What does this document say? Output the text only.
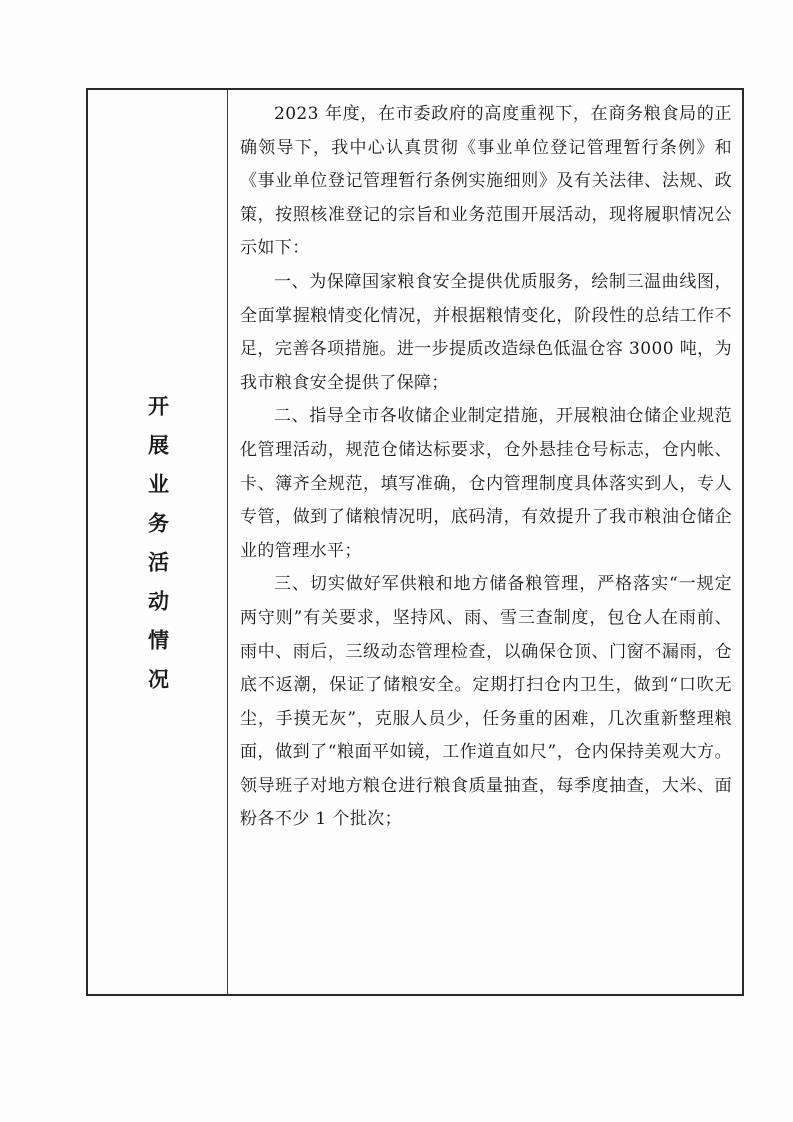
开展业务活动情况

2023 年度，在市委政府的高度重视下，在商务粮食局的正确领导下，我中心认真贯彻《事业单位登记管理暂行条例》和《事业单位登记管理暂行条例实施细则》及有关法律、法规、政策，按照核准登记的宗旨和业务范围开展活动，现将履职情况公示如下：

一、为保障国家粮食安全提供优质服务，绘制三温曲线图，全面掌握粮情变化情况，并根据粮情变化，阶段性的总结工作不足，完善各项措施。进一步提质改造绿色低温仓容 3000 吨，为我市粮食安全提供了保障；

二、指导全市各收储企业制定措施，开展粮油仓储企业规范化管理活动，规范仓储达标要求，仓外悬挂仓号标志，仓内帐、卡、簿齐全规范，填写准确，仓内管理制度具体落实到人，专人专管，做到了储粮情况明，底码清，有效提升了我市粮油仓储企业的管理水平；

三、切实做好军供粮和地方储备粮管理，严格落实“一规定两守则”有关要求，坚持风、雨、雪三查制度，包仓人在雨前、雨中、雨后，三级动态管理检查，以确保仓顶、门窗不漏雨，仓底不返潮，保证了储粮安全。定期打扫仓内卫生，做到“口吹无尘，手摸无灰”，克服人员少，任务重的困难，几次重新整理粮面，做到了“粮面平如镜，工作道直如尺”，仓内保持美观大方。领导班子对地方粮仓进行粮食质量抽查，每季度抽查，大米、面粉各不少 1 个批次；
